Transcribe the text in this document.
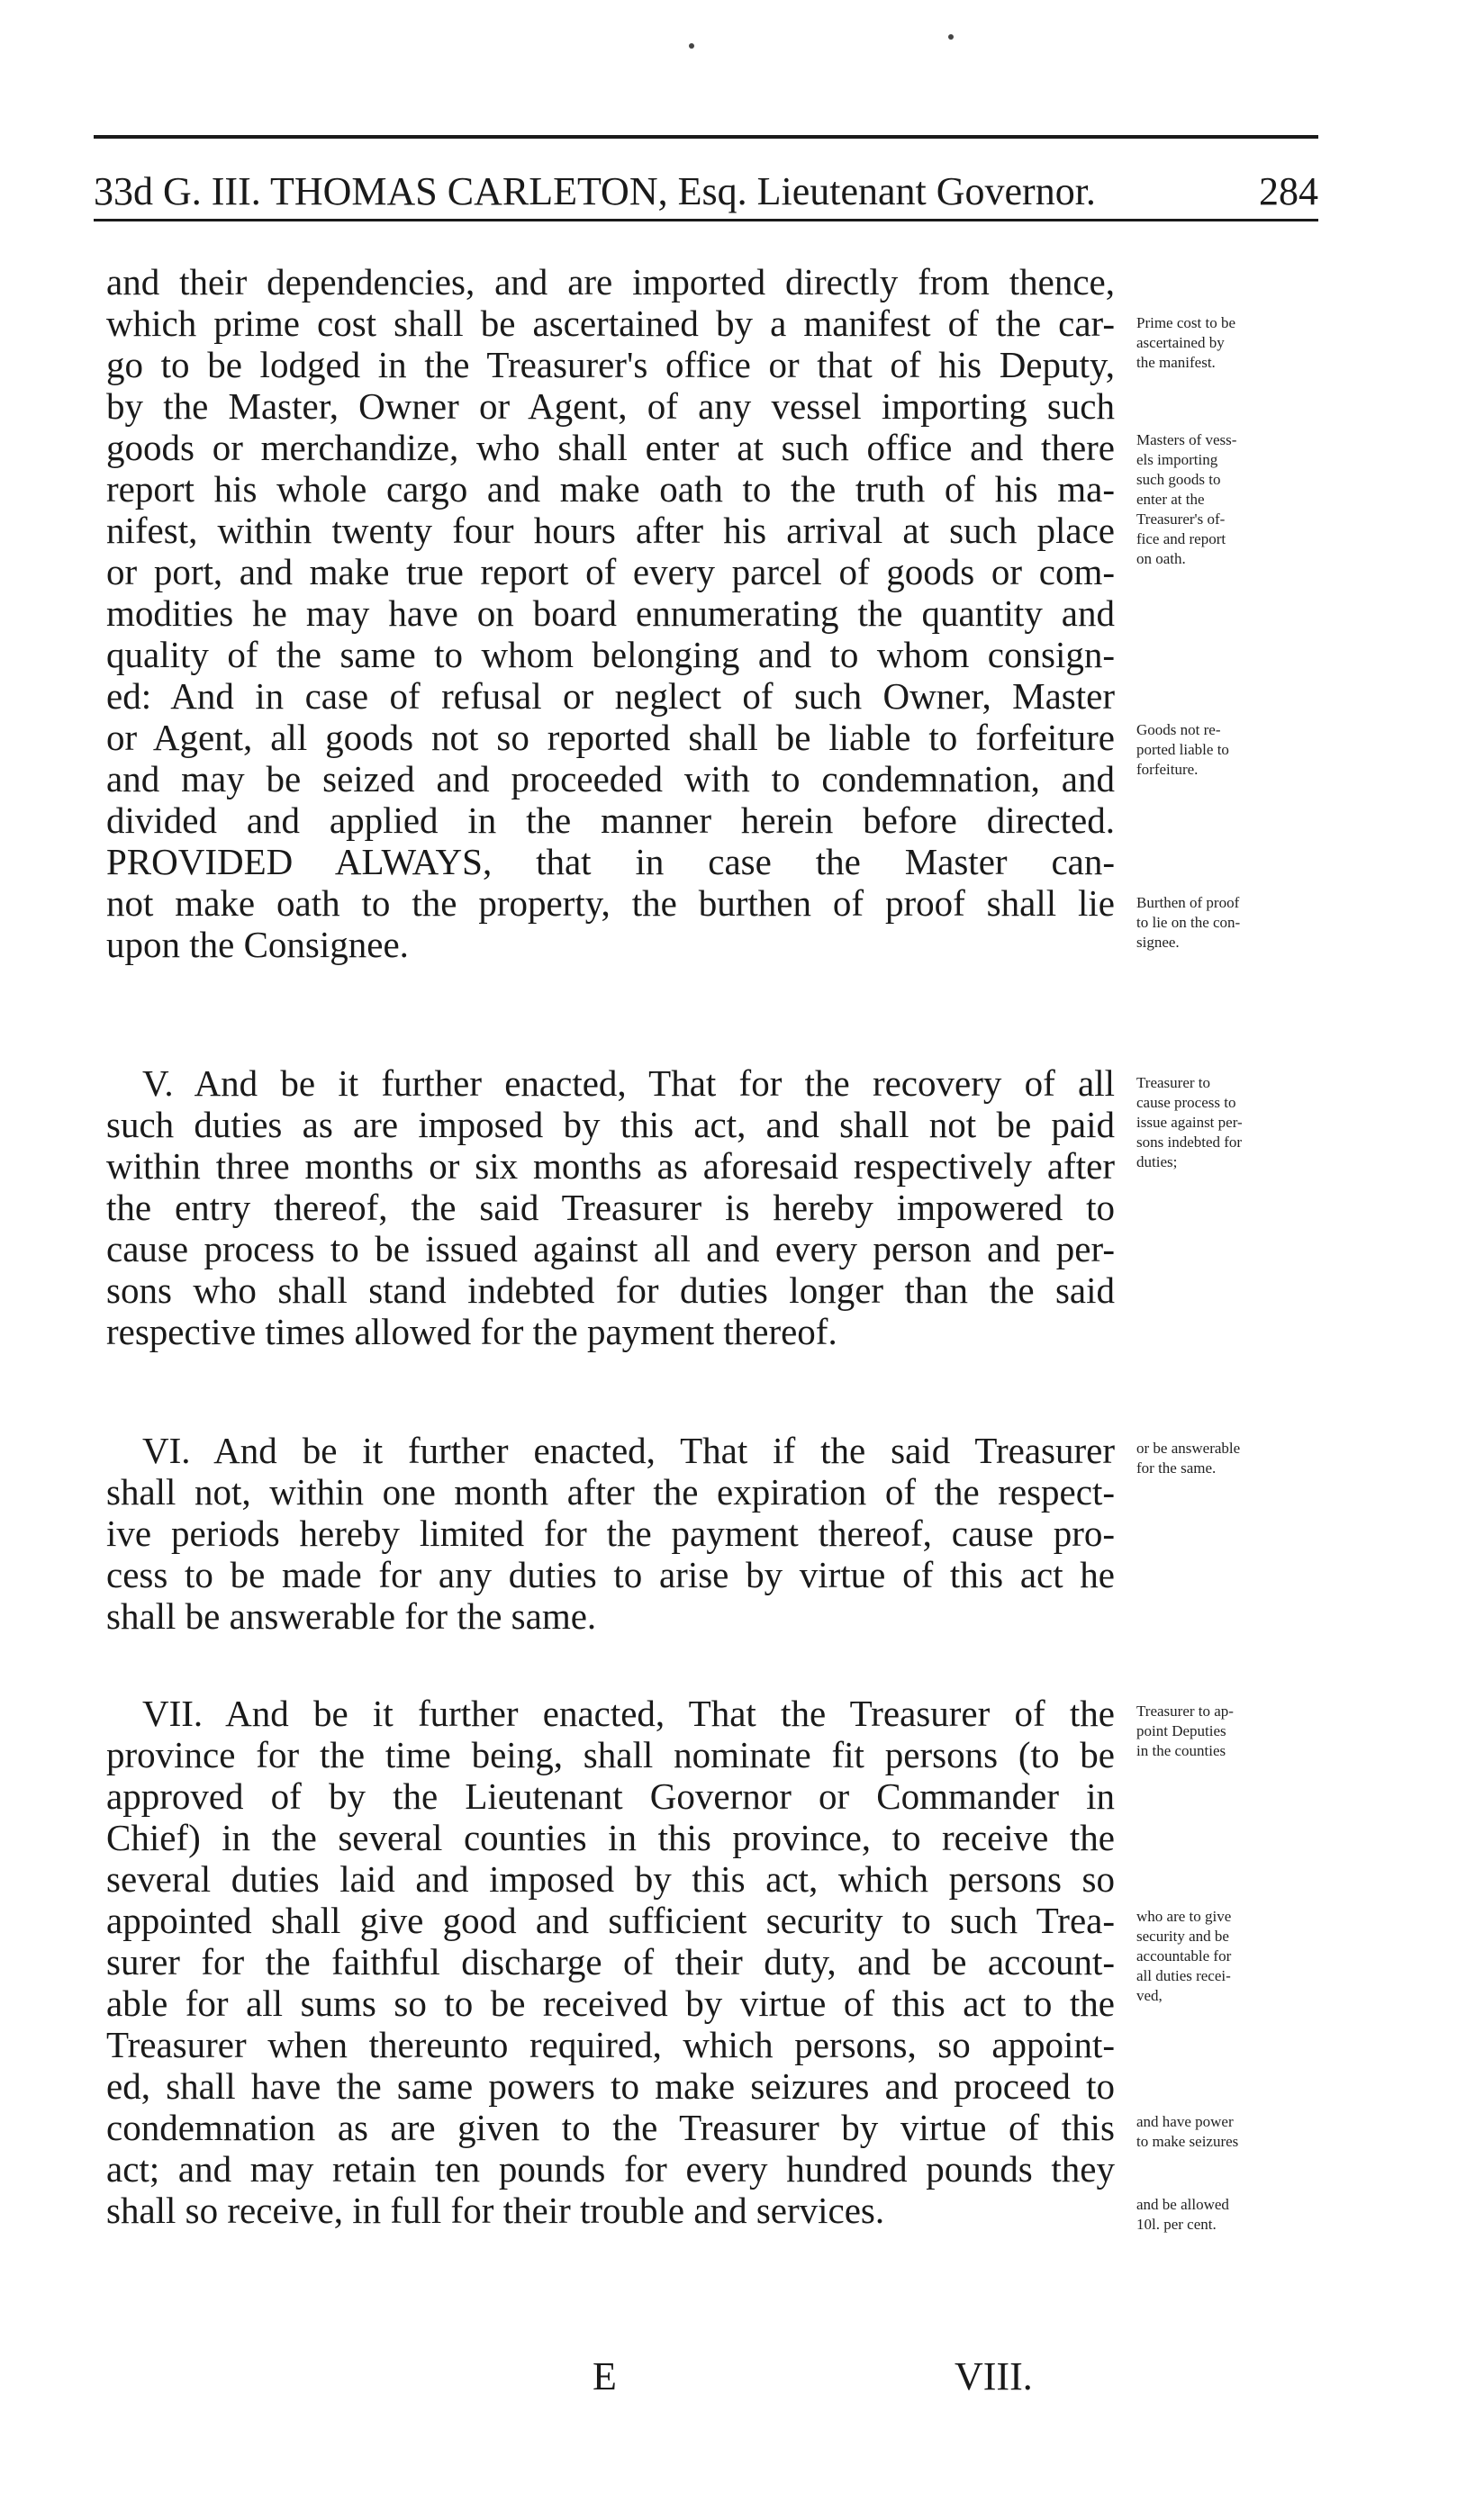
33d G. III. THOMAS CARLETON, Esq. Lieutenant Governor.	284
and their dependencies, and are imported directly from thence,
which prime cost shall be ascertained by a manifest of the car-
go to be lodged in the Treasurer's office or that of his Deputy,
by the Master, Owner or Agent, of any vessel importing such
goods or merchandize, who shall enter at such office and there
report his whole cargo and make oath to the truth of his ma-
nifest, within twenty four hours after his arrival at such place
or port, and make true report of every parcel of goods or com-
modities he may have on board ennumerating the quantity and
quality of the same to whom belonging and to whom consign-
ed: And in case of refusal or neglect of such Owner, Master
or Agent, all goods not so reported shall be liable to forfeiture
and may be seized and proceeded with to condemnation, and
divided and applied in the manner herein before directed.
PROVIDED ALWAYS, that in case the Master can-
not make oath to the property, the burthen of proof shall lie
upon the Consignee.
V. And be it further enacted, That for the recovery of all
such duties as are imposed by this act, and shall not be paid
within three months or six months as aforesaid respectively after
the entry thereof, the said Treasurer is hereby impowered to
cause process to be issued against all and every person and per-
sons who shall stand indebted for duties longer than the said
respective times allowed for the payment thereof.
VI. And be it further enacted, That if the said Treasurer
shall not, within one month after the expiration of the respect-
ive periods hereby limited for the payment thereof, cause pro-
cess to be made for any duties to arise by virtue of this act he
shall be answerable for the same.
VII. And be it further enacted, That the Treasurer of the
province for the time being, shall nominate fit persons (to be
approved of by the Lieutenant Governor or Commander in
Chief) in the several counties in this province, to receive the
several duties laid and imposed by this act, which persons so
appointed shall give good and sufficient security to such Trea-
surer for the faithful discharge of their duty, and be account-
able for all sums so to be received by virtue of this act to the
Treasurer when thereunto required, which persons, so appoint-
ed, shall have the same powers to make seizures and proceed to
condemnation as are given to the Treasurer by virtue of this
act; and may retain ten pounds for every hundred pounds they
shall so receive, in full for their trouble and services.
Prime cost to be
ascertained by
the manifest.
Masters of vess-
els importing
such goods to
enter at the
Treasurer's of-
fice and report
on oath.
Goods not re-
ported liable to
forfeiture.
Burthen of proof
to lie on the con-
signee.
Treasurer to
cause process to
issue against per-
sons indebted for
duties;
or be answerable
for the same.
Treasurer to ap-
point Deputies
in the counties
who are to give
security and be
accountable for
all duties recei-
ved,
and have power
to make seizures
and be allowed
10l. per cent.
E	VIII.
